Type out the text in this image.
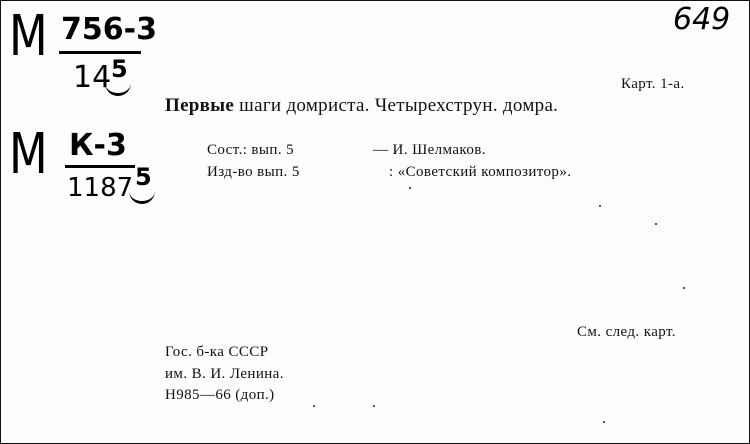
M 756-3
14 5
M К-3
1187 5
649
Карт. 1-а.
Первые шаги домриста. Четырехструн. домра.
Сост.: вып. 5	— И. Шелмаков.
Изд-во вып. 5	: «Советский композитор».
См. след. карт.
Гос. б-ка СССР
им. В. И. Ленина.
Н985—66 (доп.)
